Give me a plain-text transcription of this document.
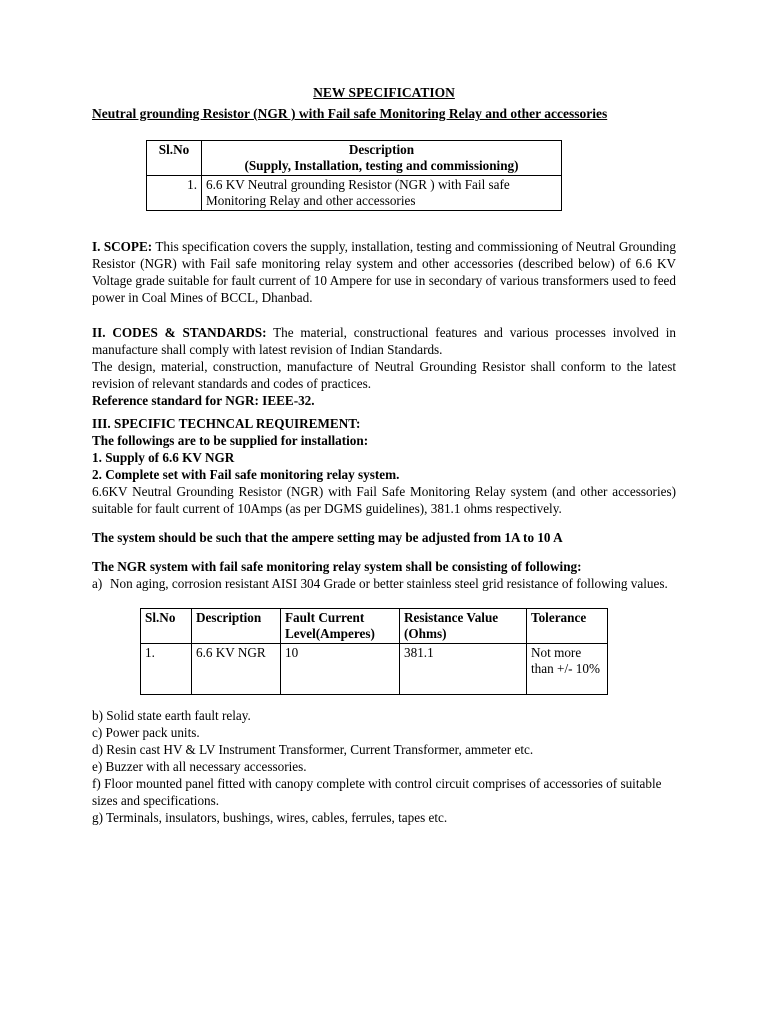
NEW SPECIFICATION
Neutral grounding Resistor (NGR ) with Fail safe Monitoring Relay and other accessories
Sl.No	Description
(Supply, Installation, testing and commissioning)

1.	6.6 KV Neutral grounding Resistor (NGR ) with Fail safe Monitoring Relay and other accessories

I. SCOPE: This specification covers the supply, installation, testing and commissioning of Neutral Grounding Resistor (NGR) with Fail safe monitoring relay system and other accessories (described below) of 6.6 KV Voltage grade suitable for fault current of 10 Ampere for use in secondary of various transformers used to feed power in Coal Mines of BCCL, Dhanbad.

II. CODES & STANDARDS: The material, constructional features and various processes involved in manufacture shall comply with latest revision of Indian Standards.

The design, material, construction, manufacture of Neutral Grounding Resistor shall conform to the latest revision of relevant standards and codes of practices.

Reference standard for NGR: IEEE-32.

III. SPECIFIC TECHNCAL REQUIREMENT:

The followings are to be supplied for installation:

1. Supply of 6.6 KV NGR

2. Complete set with Fail safe monitoring relay system.

6.6KV Neutral Grounding Resistor (NGR) with Fail Safe Monitoring Relay system (and other accessories) suitable for fault current of 10Amps (as per DGMS guidelines), 381.1 ohms respectively.

The system should be such that the ampere setting may be adjusted from 1A to 10 A

The NGR system with fail safe monitoring relay system shall be consisting of following:

a) Non aging, corrosion resistant AISI 304 Grade or better stainless steel grid resistance of following values.
Sl.No	Description	Fault Current Level(Amperes)	Resistance Value (Ohms)	Tolerance
1.	6.6 KV NGR	10	381.1	Not more than +/- 10%

b) Solid state earth fault relay.

c) Power pack units.

d) Resin cast HV & LV Instrument Transformer, Current Transformer, ammeter etc.

e) Buzzer with all necessary accessories.

f) Floor mounted panel fitted with canopy complete with control circuit comprises of accessories of suitable sizes and specifications.

g) Terminals, insulators, bushings, wires, cables, ferrules, tapes etc.
